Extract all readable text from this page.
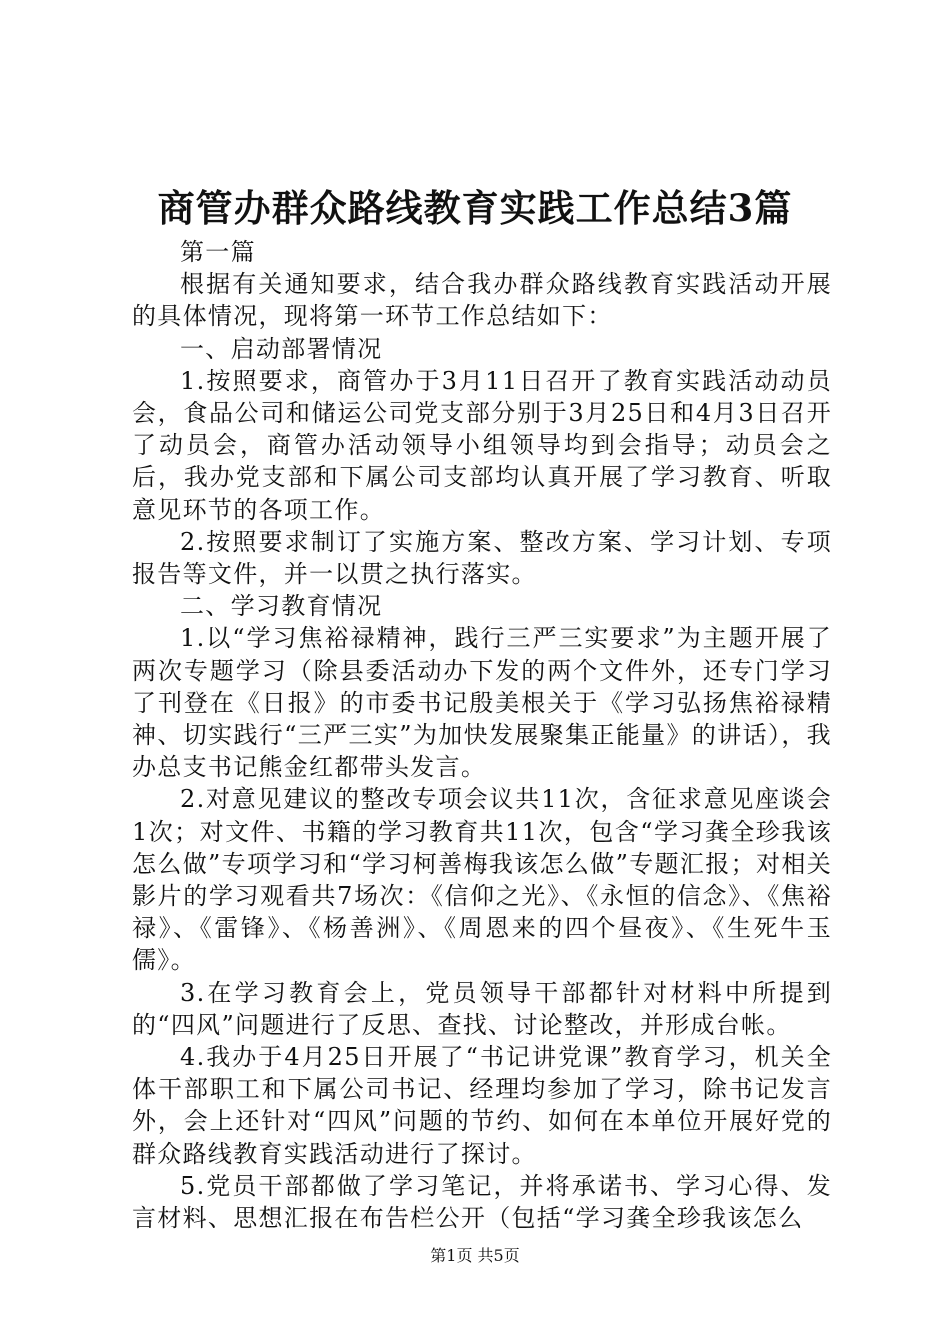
商管办群众路线教育实践工作总结3篇

第一篇

根据有关通知要求，结合我办群众路线教育实践活动开展的具体情况，现将第一环节工作总结如下：

一、启动部署情况

1.按照要求，商管办于3月11日召开了教育实践活动动员会，食品公司和储运公司党支部分别于3月25日和4月3日召开了动员会，商管办活动领导小组领导均到会指导；动员会之后，我办党支部和下属公司支部均认真开展了学习教育、听取意见环节的各项工作。

2.按照要求制订了实施方案、整改方案、学习计划、专项报告等文件，并一以贯之执行落实。

二、学习教育情况

1.以“学习焦裕禄精神，践行三严三实要求”为主题开展了两次专题学习（除县委活动办下发的两个文件外，还专门学习了刊登在《日报》的市委书记殷美根关于《学习弘扬焦裕禄精神、切实践行“三严三实”为加快发展聚集正能量》的讲话），我办总支书记熊金红都带头发言。

2.对意见建议的整改专项会议共11次，含征求意见座谈会1次；对文件、书籍的学习教育共11次，包含“学习龚全珍我该怎么做”专项学习和“学习柯善梅我该怎么做”专题汇报；对相关影片的学习观看共7场次：《信仰之光》、《永恒的信念》、《焦裕禄》、《雷锋》、《杨善洲》、《周恩来的四个昼夜》、《生死牛玉儒》。

3.在学习教育会上，党员领导干部都针对材料中所提到的“四风”问题进行了反思、查找、讨论整改，并形成台帐。

4.我办于4月25日开展了“书记讲党课”教育学习，机关全体干部职工和下属公司书记、经理均参加了学习，除书记发言外，会上还针对“四风”问题的节约、如何在本单位开展好党的群众路线教育实践活动进行了探讨。

5.党员干部都做了学习笔记，并将承诺书、学习心得、发言材料、思想汇报在布告栏公开（包括“学习龚全珍我该怎么

第1页 共5页
